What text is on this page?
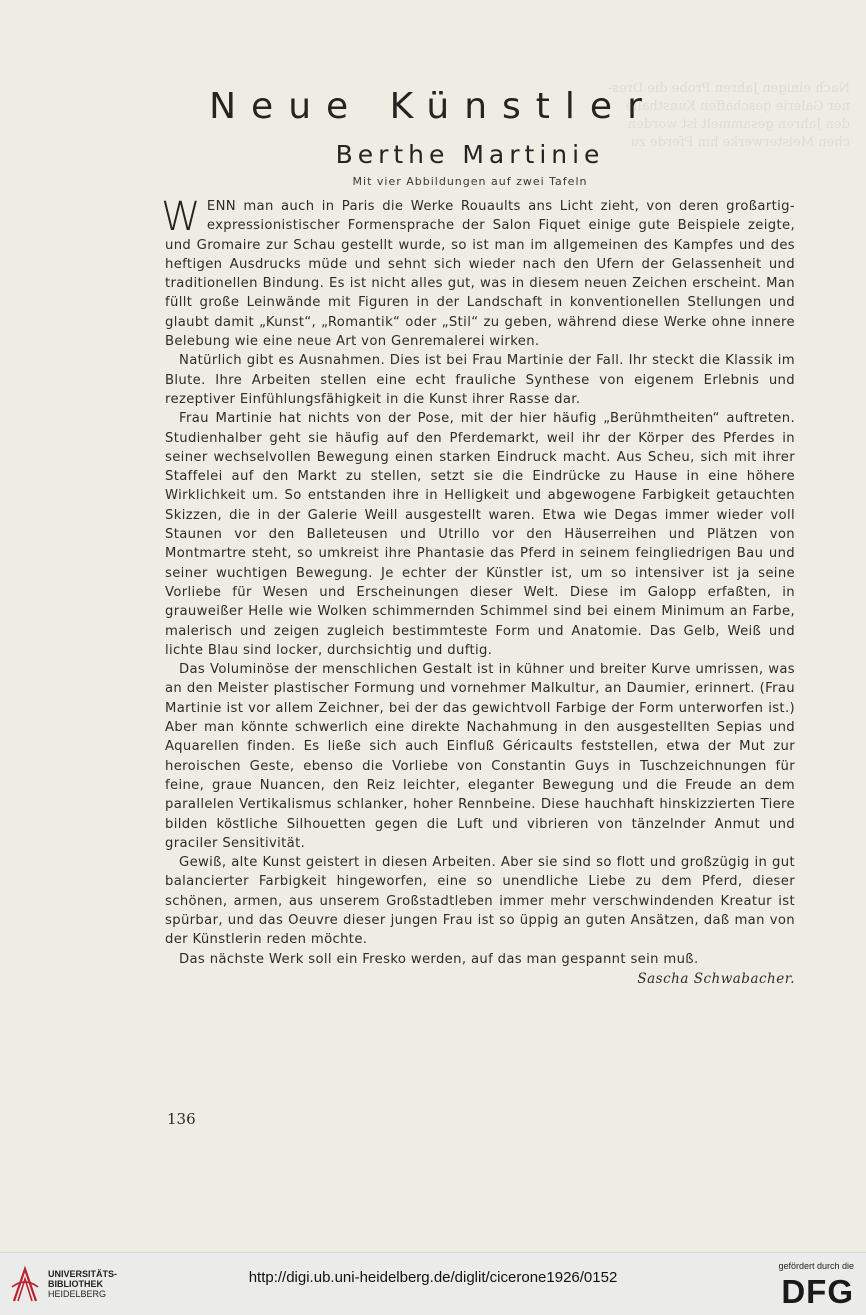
Nach einigen Jahren Probe die Dres-
ner Galerie geschaffen Kunsthalle
den Jahren gesammelt ist worden
chen Meisterwerke hin Pferde zu
Neue Künstler
Berthe Martinie
Mit vier Abbildungen auf zwei Tafeln

WENN man auch in Paris die Werke Rouaults ans Licht zieht, von deren großartig-expressionistischer Formensprache der Salon Fiquet einige gute Beispiele zeigte, und Gromaire zur Schau gestellt wurde, so ist man im allgemeinen des Kampfes und des heftigen Ausdrucks müde und sehnt sich wieder nach den Ufern der Gelassenheit und traditionellen Bindung. Es ist nicht alles gut, was in diesem neuen Zeichen erscheint. Man füllt große Leinwände mit Figuren in der Landschaft in konventionellen Stellungen und glaubt damit „Kunst“, „Romantik“ oder „Stil“ zu geben, während diese Werke ohne innere Belebung wie eine neue Art von Genremalerei wirken.

Natürlich gibt es Ausnahmen. Dies ist bei Frau Martinie der Fall. Ihr steckt die Klassik im Blute. Ihre Arbeiten stellen eine echt frauliche Synthese von eigenem Erlebnis und rezeptiver Einfühlungsfähigkeit in die Kunst ihrer Rasse dar.

Frau Martinie hat nichts von der Pose, mit der hier häufig „Berühmtheiten“ auftreten. Studienhalber geht sie häufig auf den Pferdemarkt, weil ihr der Körper des Pferdes in seiner wechselvollen Bewegung einen starken Eindruck macht. Aus Scheu, sich mit ihrer Staffelei auf den Markt zu stellen, setzt sie die Eindrücke zu Hause in eine höhere Wirklichkeit um. So entstanden ihre in Helligkeit und abgewogene Farbigkeit getauchten Skizzen, die in der Galerie Weill ausgestellt waren. Etwa wie Degas immer wieder voll Staunen vor den Balleteusen und Utrillo vor den Häuserreihen und Plätzen von Montmartre steht, so umkreist ihre Phantasie das Pferd in seinem feingliedrigen Bau und seiner wuchtigen Bewegung. Je echter der Künstler ist, um so intensiver ist ja seine Vorliebe für Wesen und Erscheinungen dieser Welt. Diese im Galopp erfaßten, in grauweißer Helle wie Wolken schimmernden Schimmel sind bei einem Minimum an Farbe, malerisch und zeigen zugleich bestimmteste Form und Anatomie. Das Gelb, Weiß und lichte Blau sind locker, durchsichtig und duftig.

Das Voluminöse der menschlichen Gestalt ist in kühner und breiter Kurve umrissen, was an den Meister plastischer Formung und vornehmer Malkultur, an Daumier, erinnert. (Frau Martinie ist vor allem Zeichner, bei der das gewichtvoll Farbige der Form unterworfen ist.) Aber man könnte schwerlich eine direkte Nachahmung in den ausgestellten Sepias und Aquarellen finden. Es ließe sich auch Einfluß Géricaults feststellen, etwa der Mut zur heroischen Geste, ebenso die Vorliebe von Constantin Guys in Tuschzeichnungen für feine, graue Nuancen, den Reiz leichter, eleganter Bewegung und die Freude an dem parallelen Vertikalismus schlanker, hoher Rennbeine. Diese hauchhaft hinskizzierten Tiere bilden köstliche Silhouetten gegen die Luft und vibrieren von tänzelnder Anmut und graciler Sensitivität.

Gewiß, alte Kunst geistert in diesen Arbeiten. Aber sie sind so flott und großzügig in gut balancierter Farbigkeit hingeworfen, eine so unendliche Liebe zu dem Pferd, dieser schönen, armen, aus unserem Großstadtleben immer mehr verschwindenden Kreatur ist spürbar, und das Oeuvre dieser jungen Frau ist so üppig an guten Ansätzen, daß man von der Künstlerin reden möchte.

Das nächste Werk soll ein Fresko werden, auf das man gespannt sein muß.

Sascha Schwabacher.
136
UNIVERSITÄTS-
BIBLIOTHEK
HEIDELBERG
http://digi.ub.uni-heidelberg.de/diglit/cicerone1926/0152
gefördert durch die
DFG
